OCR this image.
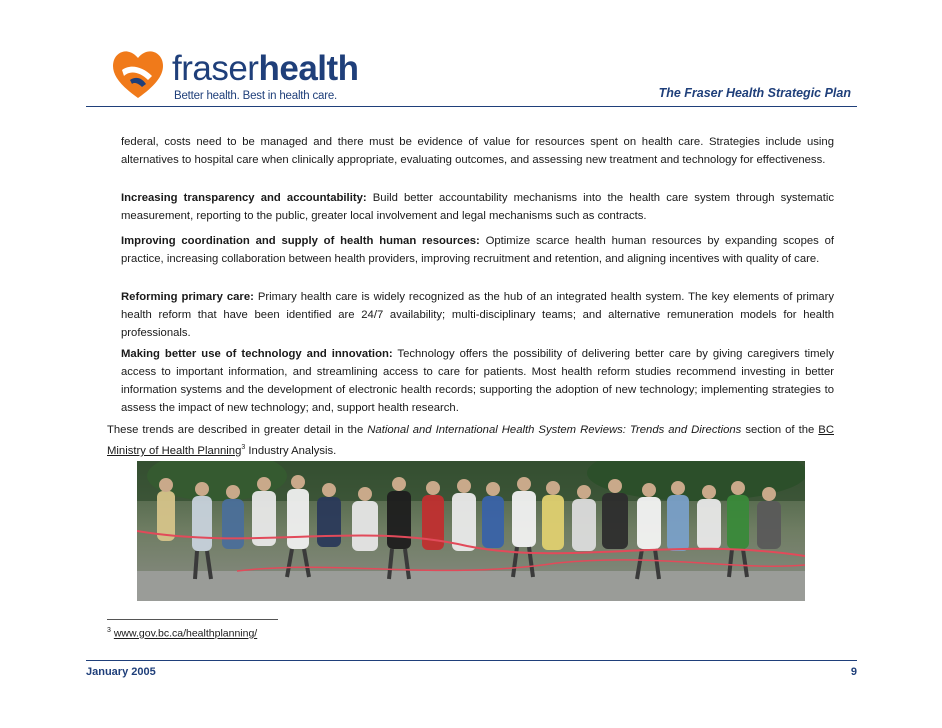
fraserhealth
Better health. Best in health care.	The Fraser Health Strategic Plan

federal, costs need to be managed and there must be evidence of value for resources spent on health care. Strategies include using alternatives to hospital care when clinically appropriate, evaluating outcomes, and assessing new treatment and technology for effectiveness.

Increasing transparency and accountability: Build better accountability mechanisms into the health care system through systematic measurement, reporting to the public, greater local involvement and legal mechanisms such as contracts.

Improving coordination and supply of health human resources: Optimize scarce health human resources by expanding scopes of practice, increasing collaboration between health providers, improving recruitment and retention, and aligning incentives with quality of care.

Reforming primary care: Primary health care is widely recognized as the hub of an integrated health system. The key elements of primary health reform that have been identified are 24/7 availability; multi-disciplinary teams; and alternative remuneration models for health professionals.

Making better use of technology and innovation: Technology offers the possibility of delivering better care by giving caregivers timely access to important information, and streamlining access to care for patients. Most health reform studies recommend investing in better information systems and the development of electronic health records; supporting the adoption of new technology; implementing strategies to assess the impact of new technology; and, support health research.

These trends are described in greater detail in the National and International Health System Reviews: Trends and Directions section of the BC Ministry of Health Planning$^3$ Industry Analysis.
$^3$ www.gov.bc.ca/healthplanning/
January 2005	9
